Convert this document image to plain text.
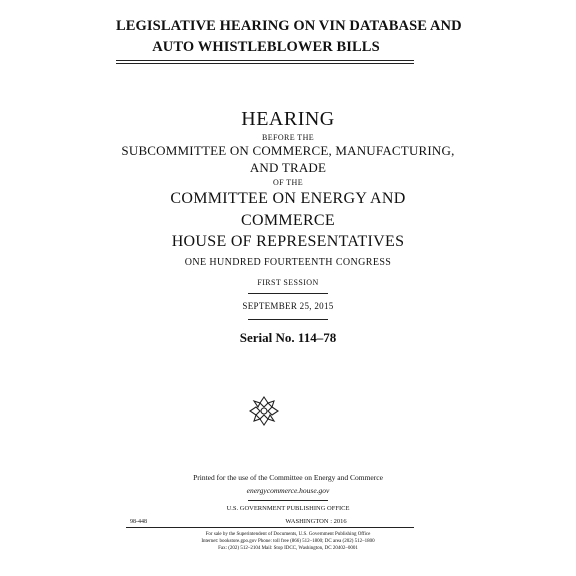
LEGISLATIVE HEARING ON VIN DATABASE AND
AUTO WHISTLEBLOWER BILLS
HEARING
BEFORE THE
SUBCOMMITTEE ON COMMERCE, MANUFACTURING,
AND TRADE
OF THE
COMMITTEE ON ENERGY AND
COMMERCE
HOUSE OF REPRESENTATIVES
ONE HUNDRED FOURTEENTH CONGRESS
FIRST SESSION
SEPTEMBER 25, 2015
Serial No. 114–78
Printed for the use of the Committee on Energy and Commerce
energycommerce.house.gov
U.S. GOVERNMENT PUBLISHING OFFICE
98-448	WASHINGTON : 2016
For sale by the Superintendent of Documents, U.S. Government Publishing Office
Internet: bookstore.gpo.gov Phone: toll free (866) 512–1800; DC area (202) 512–1800
Fax: (202) 512–2104 Mail: Stop IDCC, Washington, DC 20402–0001
